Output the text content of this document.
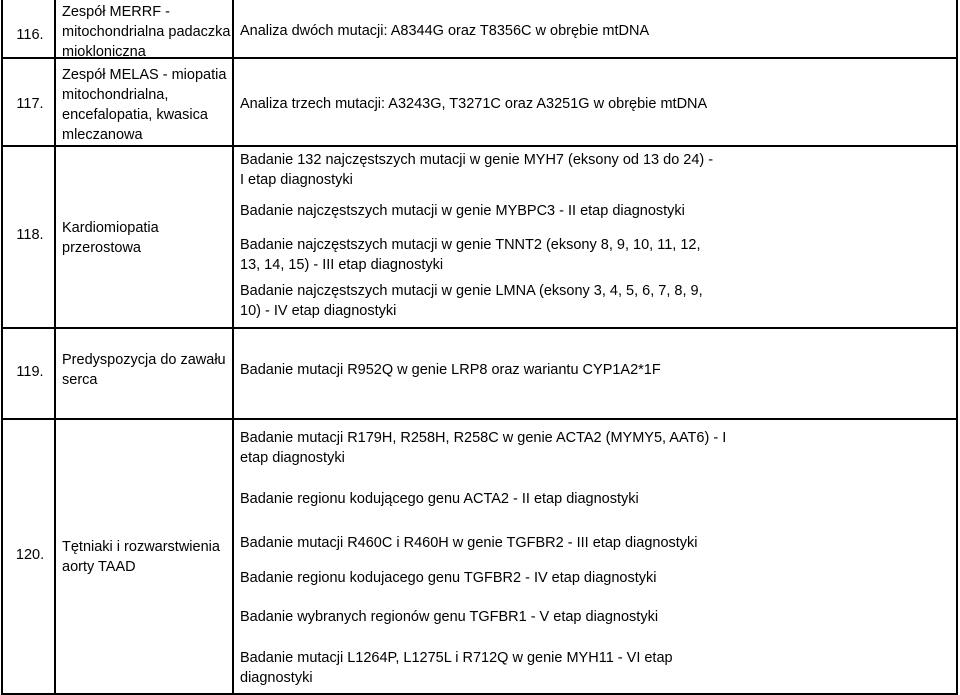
116.
Zespół MERRF - mitochondrialna padaczka miokloniczna
Analiza dwóch mutacji: A8344G oraz T8356C w obrębie mtDNA
117.
Zespół MELAS - miopatia mitochondrialna, encefalopatia, kwasica mleczanowa
Analiza trzech mutacji: A3243G, T3271C oraz A3251G w obrębie mtDNA
118.	Kardiomiopatia przerostowa
Badanie 132 najczęstszych mutacji w genie MYH7 (eksony od 13 do 24) - I etap diagnostyki
Badanie najczęstszych mutacji w genie MYBPC3 - II etap diagnostyki
Badanie najczęstszych mutacji w genie TNNT2 (eksony 8, 9, 10, 11, 12, 13, 14, 15) - III etap diagnostyki
Badanie najczęstszych mutacji w genie LMNA (eksony 3, 4, 5, 6, 7, 8, 9, 10) - IV etap diagnostyki
119.
Predyspozycja do zawału serca
Badanie mutacji R952Q w genie LRP8 oraz wariantu CYP1A2*1F
120.	Tętniaki i rozwarstwienia aorty TAAD
Badanie mutacji R179H, R258H, R258C w genie ACTA2 (MYMY5, AAT6) - I etap diagnostyki
Badanie regionu kodującego genu ACTA2 - II etap diagnostyki
Badanie mutacji R460C i R460H w genie TGFBR2 - III etap diagnostyki
Badanie regionu kodujacego genu TGFBR2 - IV etap diagnostyki
Badanie wybranych regionów genu TGFBR1 - V etap diagnostyki
Badanie mutacji L1264P, L1275L i R712Q w genie MYH11 - VI etap diagnostyki
